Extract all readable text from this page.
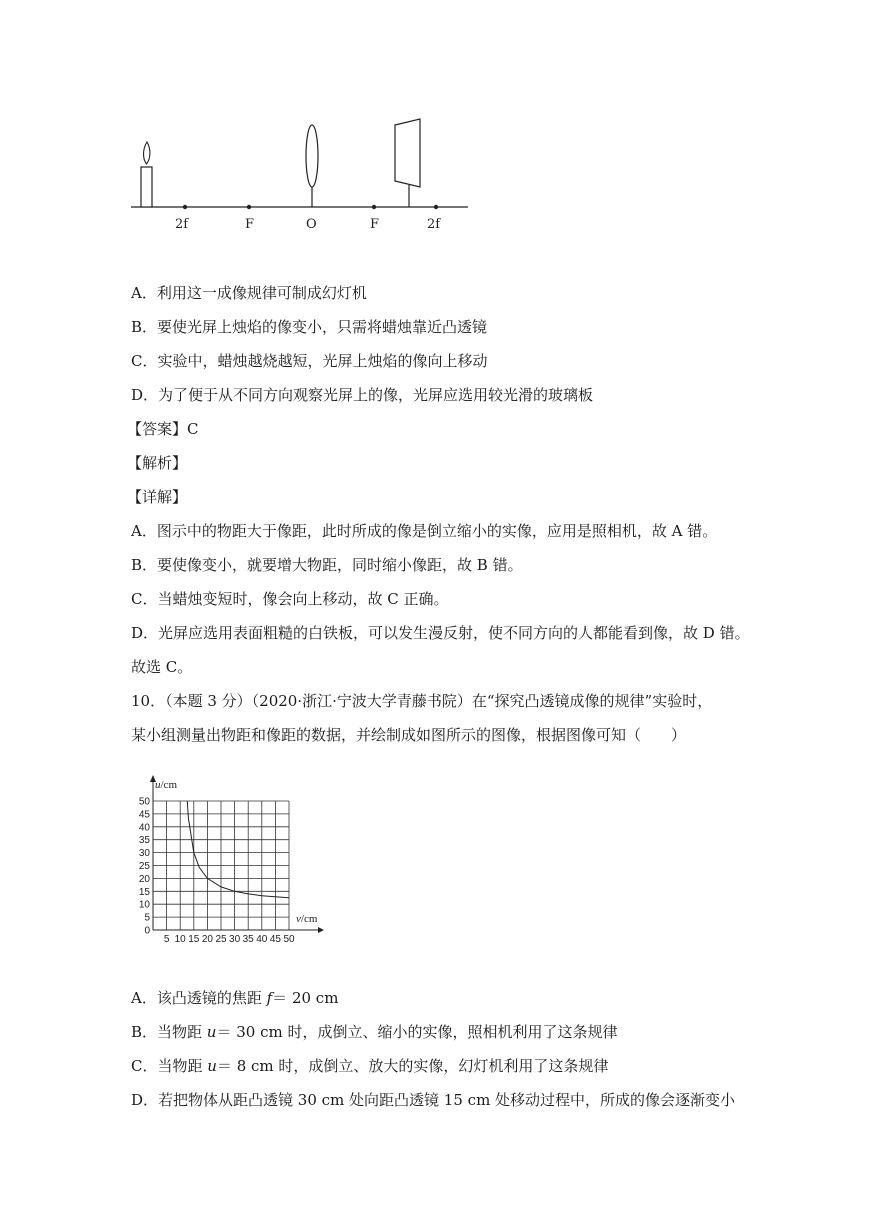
2f	F	O	F	2f
A．利用这一成像规律可制成幻灯机
B．要使光屏上烛焰的像变小，只需将蜡烛靠近凸透镜
C．实验中，蜡烛越烧越短，光屏上烛焰的像向上移动
D．为了便于从不同方向观察光屏上的像，光屏应选用较光滑的玻璃板
【答案】C
【解析】
【详解】
A．图示中的物距大于像距，此时所成的像是倒立缩小的实像，应用是照相机，故 A 错。
B．要使像变小，就要增大物距，同时缩小像距，故 B 错。
C．当蜡烛变短时，像会向上移动，故 C 正确。
D．光屏应选用表面粗糙的白铁板，可以发生漫反射，使不同方向的人都能看到像，故 D 错。
故选 C。
10．（本题 3 分）（2020·浙江·宁波大学青藤书院）在“探究凸透镜成像的规律”实验时，
某小组测量出物距和像距的数据，并绘制成如图所示的图像，根据图像可知（　　）
0
5
10
15
20
25
30
35
40
45
50
5 10 15 20 25 30 35 40 45 50
u/cm
v/cm
A．该凸透镜的焦距 f＝ 20 cm
B．当物距 u＝ 30 cm 时，成倒立、缩小的实像，照相机利用了这条规律
C．当物距 u＝ 8 cm 时，成倒立、放大的实像，幻灯机利用了这条规律
D．若把物体从距凸透镜 30 cm 处向距凸透镜 15 cm 处移动过程中，所成的像会逐渐变小
